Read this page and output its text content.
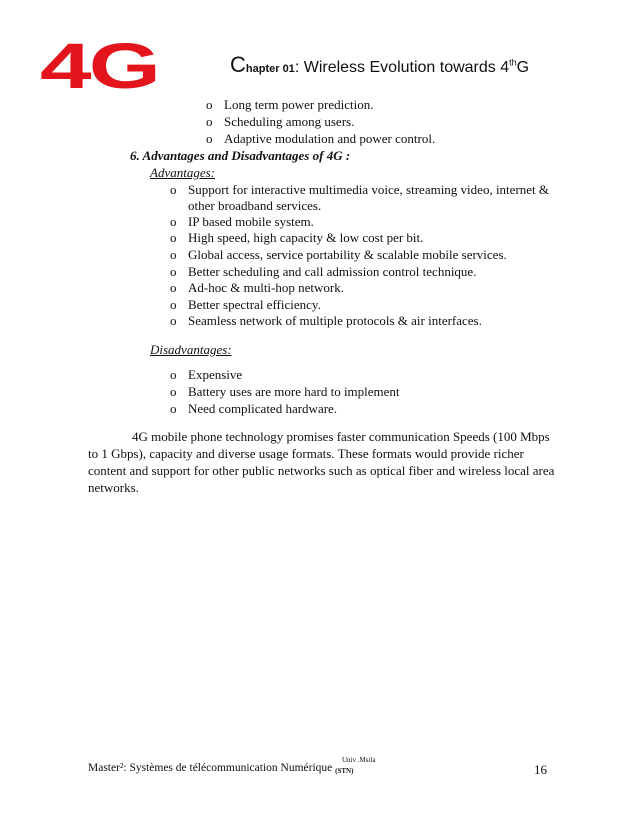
4G	Chapter 01: Wireless Evolution towards 4thG
o Long term power prediction.
o Scheduling among users.
o Adaptive modulation and power control.
6. Advantages and Disadvantages of 4G :
Advantages:
o Support for interactive multimedia voice, streaming video, internet &
other broadband services.
o IP based mobile system.
o High speed, high capacity & low cost per bit.
o Global access, service portability & scalable mobile services.
o Better scheduling and call admission control technique.
o Ad-hoc & multi-hop network.
o Better spectral efficiency.
o Seamless network of multiple protocols & air interfaces.
Disadvantages:
o Expensive
o Battery uses are more hard to implement
o Need complicated hardware.
4G mobile phone technology promises faster communication Speeds (100 Mbps to 1 Gbps), capacity and diverse usage formats. These formats would provide richer content and support for other public networks such as optical fiber and wireless local area networks.
Master²: Systèmes de télécommunication Numérique (STN)
Univ .Msila
16
